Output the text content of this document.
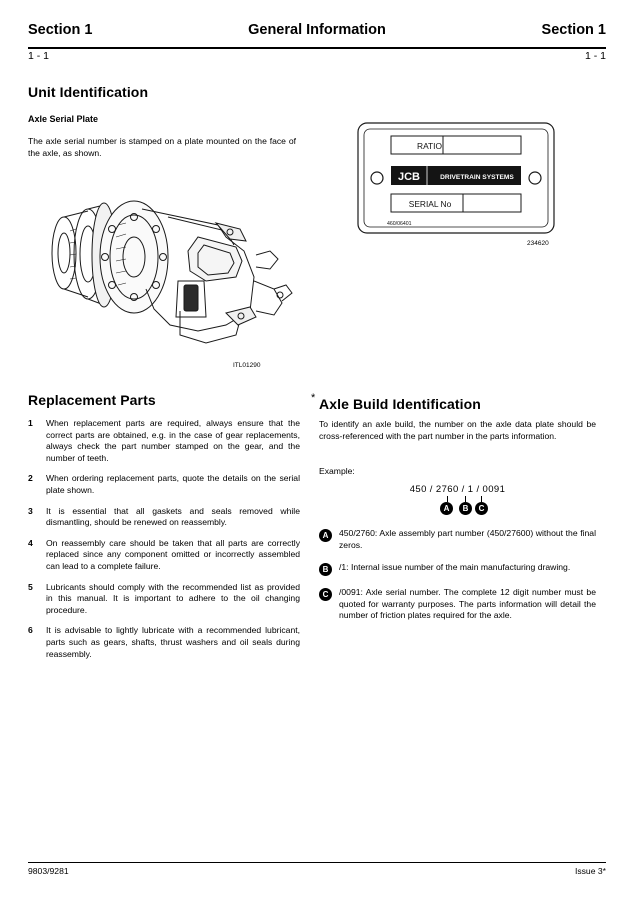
Section 1	Section 1
General Information
1 - 1	1 - 1
Unit Identification
Axle Serial Plate
The axle serial number is stamped on a plate mounted on the face of the axle, as shown.
ITL01290
Replacement Parts
1	When replacement parts are required, always ensure that the correct parts are obtained, e.g. in the case of gear replacements, always check the part number stamped on the gear, and the number of teeth.
2	When ordering replacement parts, quote the details on the serial plate shown.
3	It is essential that all gaskets and seals removed while dismantling, should be renewed on reassembly.
4	On reassembly care should be taken that all parts are correctly replaced since any component omitted or incorrectly assembled can lead to a complete failure.
5	Lubricants should comply with the recommended list as provided in this manual. It is important to adhere to the oil changing procedure.
6	It is advisable to lightly lubricate with a recommended lubricant, parts such as gears, shafts, thrust washers and oil seals during reassembly.
JCB	DRIVETRAIN SYSTEMS
SERIAL No
RATIO
460/06401
234620
* Axle Build Identification
To identify an axle build, the number on the axle data plate should be cross-referenced with the part number in the parts information.
Example:
450 / 2760 / 1 / 0091
A	B	C
A	450/2760: Axle assembly part number (450/27600) without the final zeros.
B	/1: Internal issue number of the main manufacturing drawing.
C	/0091: Axle serial number. The complete 12 digit number must be quoted for warranty purposes. The parts information will detail the number of friction plates required for the axle.
9803/9281	Issue 3*
